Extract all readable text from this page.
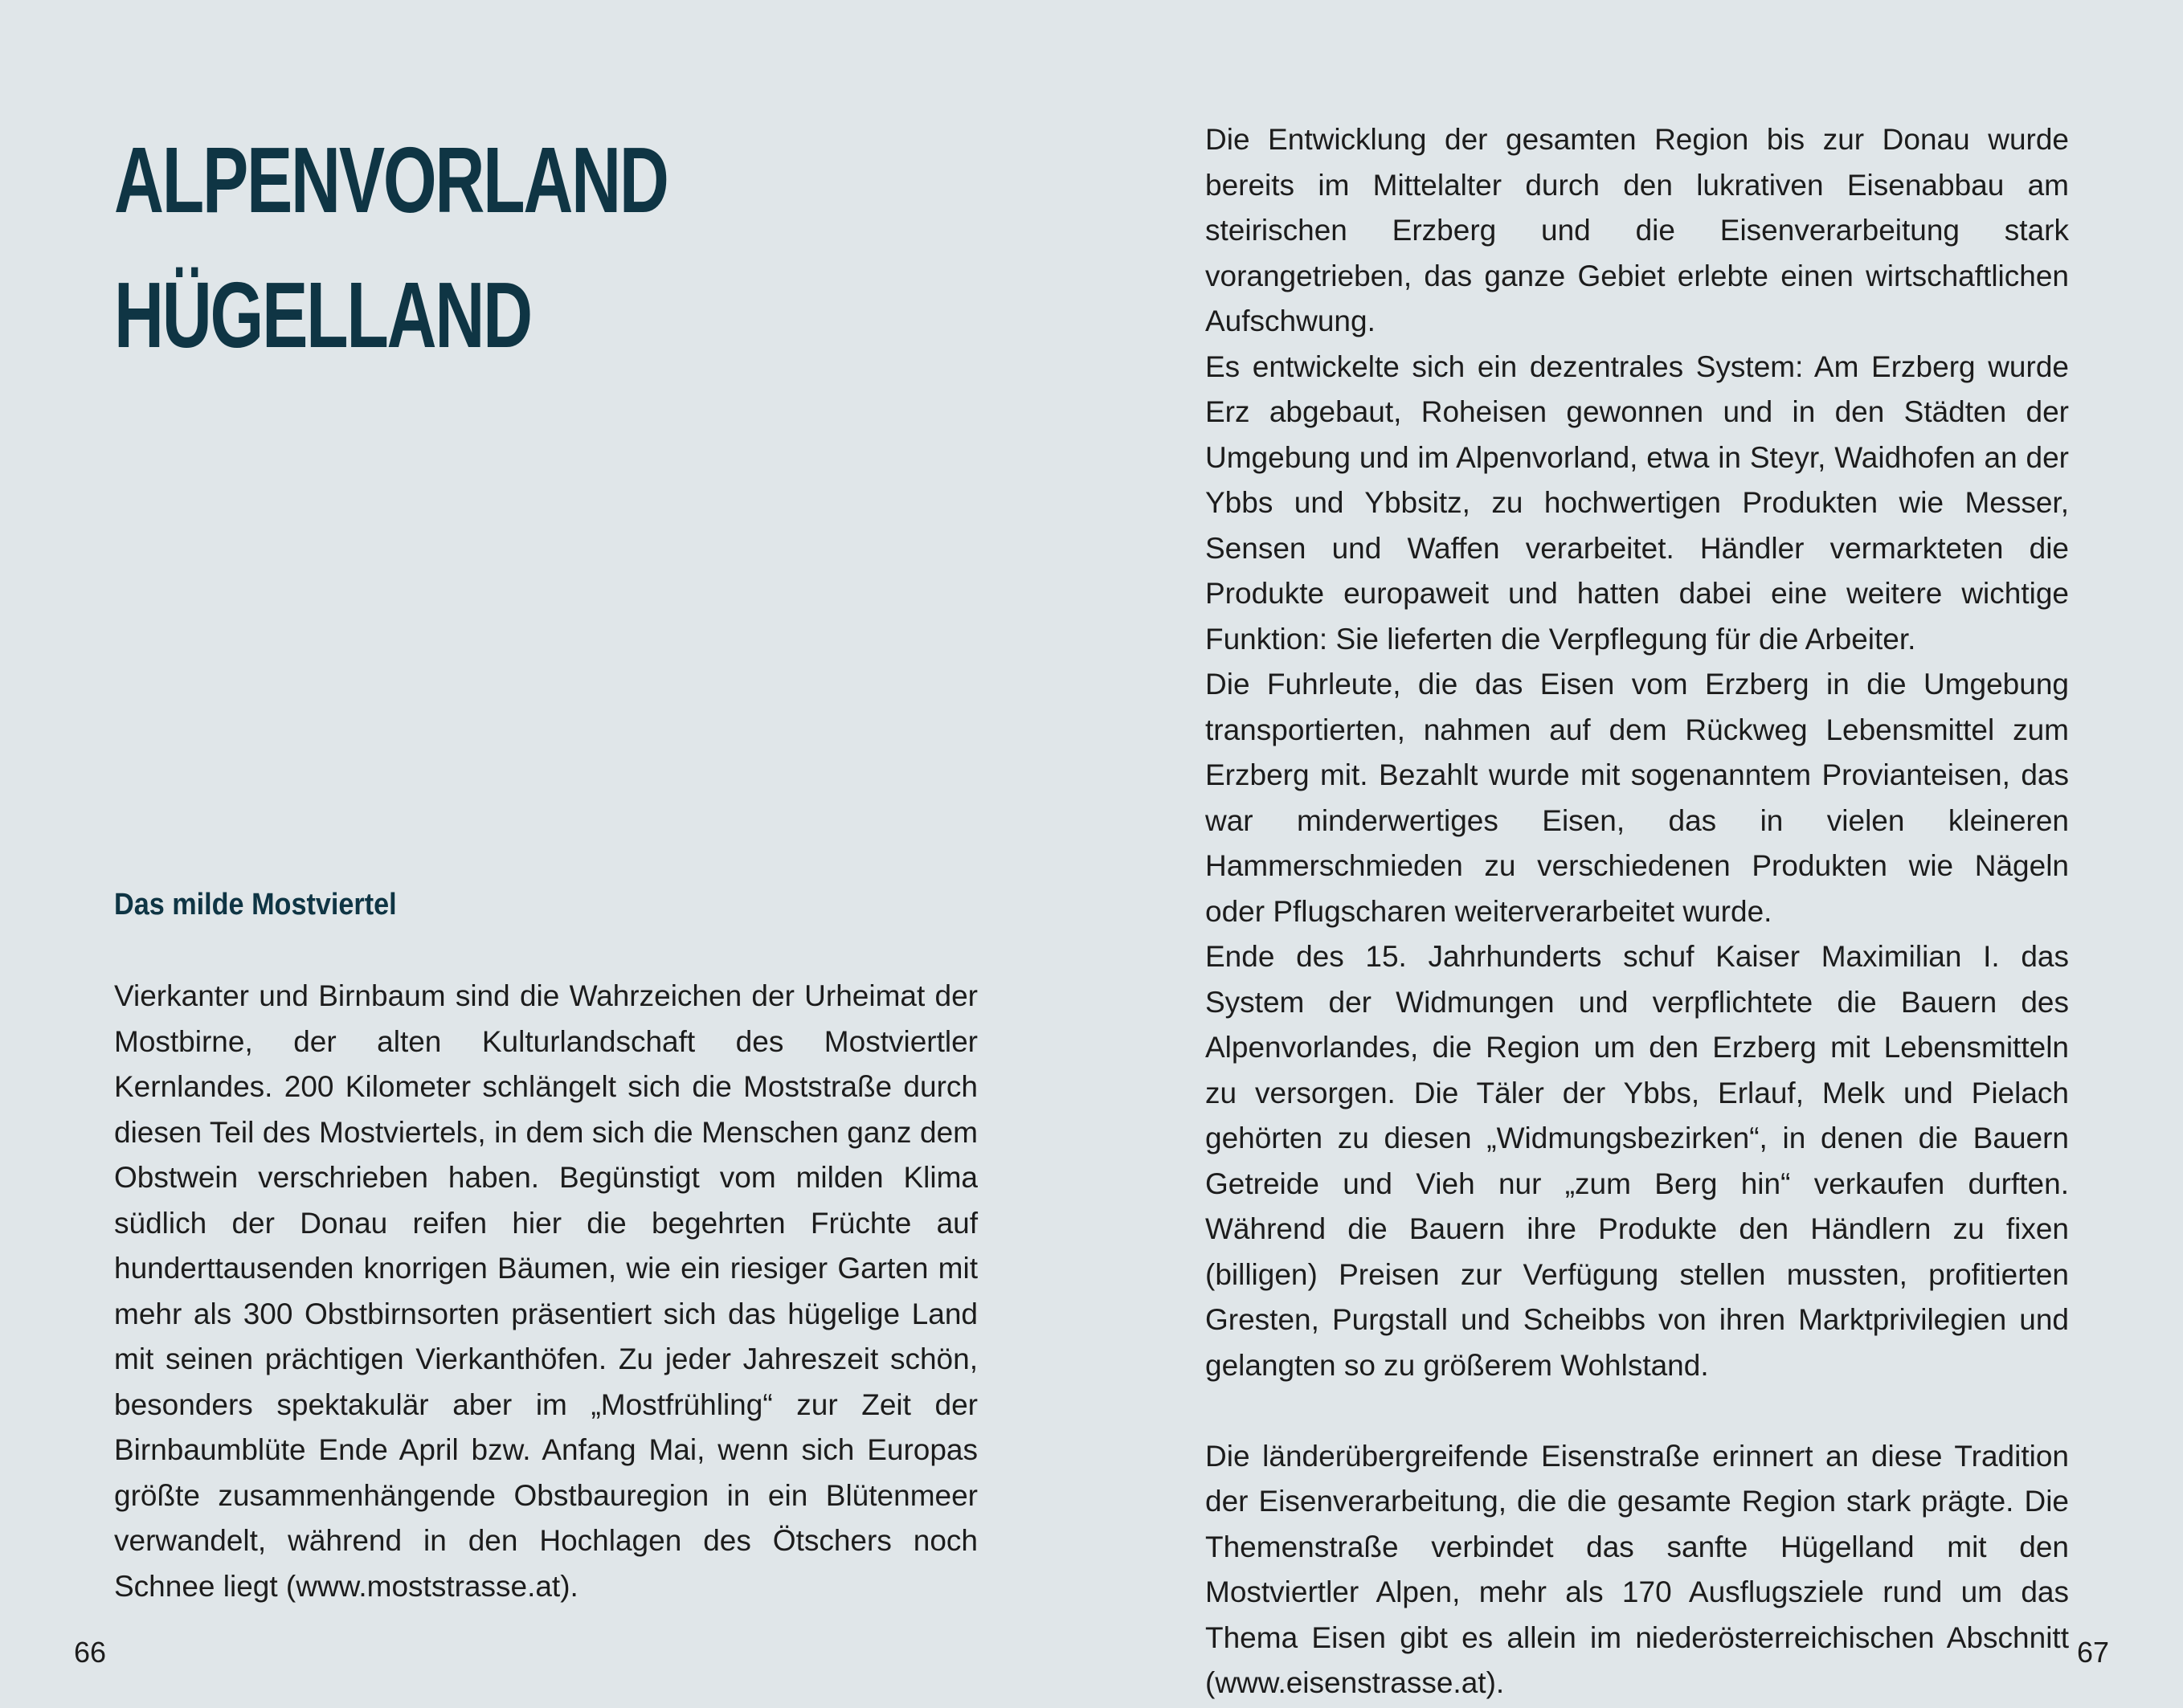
ALPENVORLAND
HÜGELLAND
Das milde Mostviertel

Vierkanter und Birnbaum sind die Wahrzeichen der Urheimat der Mostbirne, der alten Kulturlandschaft des Mostviertler Kernlandes. 200 Kilometer schlängelt sich die Moststraße durch diesen Teil des Mostviertels, in dem sich die Menschen ganz dem Obstwein verschrieben haben. Begünstigt vom milden Klima südlich der Donau reifen hier die begehrten Früchte auf hunderttausenden knorrigen Bäumen, wie ein riesiger Garten mit mehr als 300 Obstbirnsorten präsentiert sich das hügelige Land mit seinen prächtigen Vierkanthöfen. Zu jeder Jahreszeit schön, besonders spektakulär aber im „Mostfrühling“ zur Zeit der Birnbaumblüte Ende April bzw. Anfang Mai, wenn sich Europas größte zusammenhängende Obstbauregion in ein Blütenmeer verwandelt, während in den Hochlagen des Ötschers noch Schnee liegt (www.moststrasse.at).

66

Die Entwicklung der gesamten Region bis zur Donau wurde bereits im Mittelalter durch den lukrativen Eisenabbau am steirischen Erzberg und die Eisenverarbeitung stark vorangetrieben, das ganze Gebiet erlebte einen wirtschaftlichen Aufschwung.

Es entwickelte sich ein dezentrales System: Am Erzberg wurde Erz abgebaut, Roheisen gewonnen und in den Städten der Umgebung und im Alpenvorland, etwa in Steyr, Waidhofen an der Ybbs und Ybbsitz, zu hochwertigen Produkten wie Messer, Sensen und Waffen verarbeitet. Händler vermarkteten die Produkte europaweit und hatten dabei eine weitere wichtige Funktion: Sie lieferten die Verpflegung für die Arbeiter.

Die Fuhrleute, die das Eisen vom Erzberg in die Umgebung transportierten, nahmen auf dem Rückweg Lebensmittel zum Erzberg mit. Bezahlt wurde mit sogenanntem Provianteisen, das war minderwertiges Eisen, das in vielen kleineren Hammerschmieden zu verschiedenen Produkten wie Nägeln oder Pflugscharen weiterverarbeitet wurde.

Ende des 15. Jahrhunderts schuf Kaiser Maximilian I. das System der Widmungen und verpflichtete die Bauern des Alpenvorlandes, die Region um den Erzberg mit Lebensmitteln zu versorgen. Die Täler der Ybbs, Erlauf, Melk und Pielach gehörten zu diesen „Widmungsbezirken“, in denen die Bauern Getreide und Vieh nur „zum Berg hin“ verkaufen durften. Während die Bauern ihre Produkte den Händlern zu fixen (billigen) Preisen zur Verfügung stellen mussten, profitierten Gresten, Purgstall und Scheibbs von ihren Marktprivilegien und gelangten so zu größerem Wohlstand.

Die länderübergreifende Eisenstraße erinnert an diese Tradition der Eisenverarbeitung, die die gesamte Region stark prägte. Die Themenstraße verbindet das sanfte Hügelland mit den Mostviertler Alpen, mehr als 170 Ausflugsziele rund um das Thema Eisen gibt es allein im niederösterreichischen Abschnitt (www.eisenstrasse.at).

67
